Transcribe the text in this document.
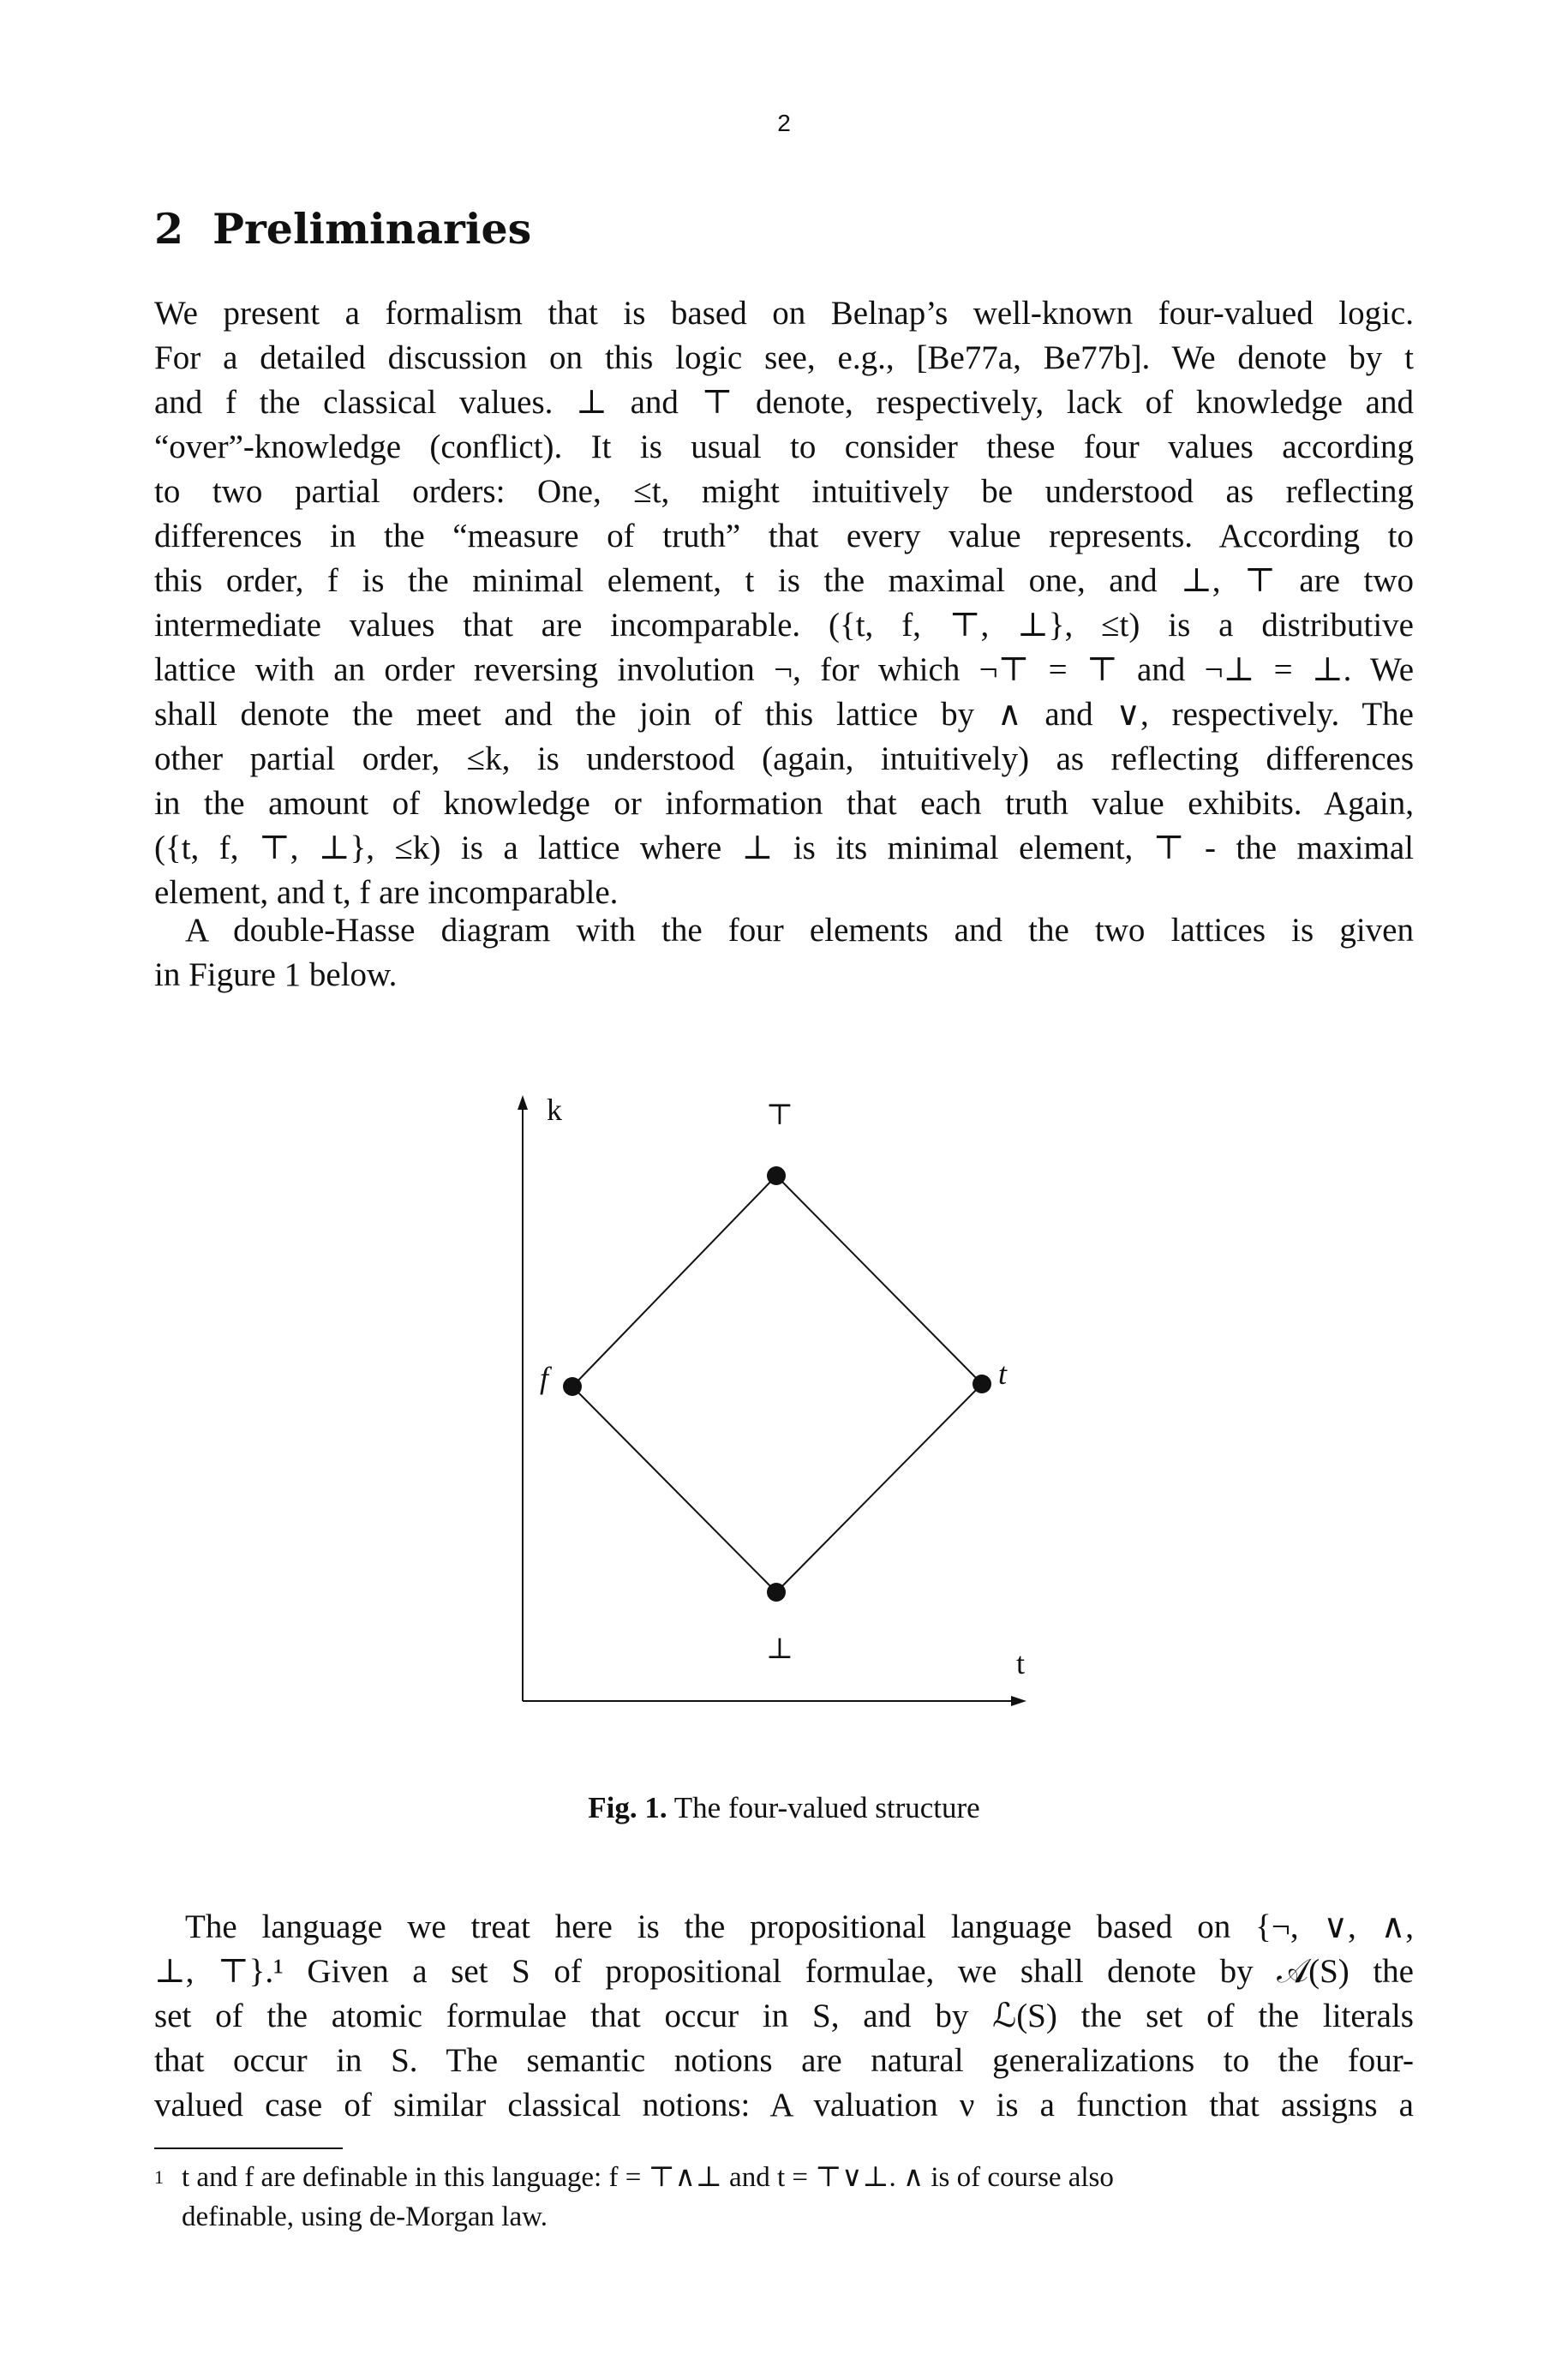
2
2 Preliminaries
We present a formalism that is based on Belnap’s well-known four-valued logic.
For a detailed discussion on this logic see, e.g., [Be77a, Be77b]. We denote by t
and f the classical values. ⊥ and ⊤ denote, respectively, lack of knowledge and
“over”-knowledge (conflict). It is usual to consider these four values according
to two partial orders: One, ≤t, might intuitively be understood as reflecting
differences in the “measure of truth” that every value represents. According to
this order, f is the minimal element, t is the maximal one, and ⊥, ⊤ are two
intermediate values that are incomparable. ({t, f, ⊤, ⊥}, ≤t) is a distributive
lattice with an order reversing involution ¬, for which ¬⊤ = ⊤ and ¬⊥ = ⊥. We
shall denote the meet and the join of this lattice by ∧ and ∨, respectively. The
other partial order, ≤k, is understood (again, intuitively) as reflecting differences
in the amount of knowledge or information that each truth value exhibits. Again,
({t, f, ⊤, ⊥}, ≤k) is a lattice where ⊥ is its minimal element, ⊤ - the maximal
element, and t, f are incomparable.
A double-Hasse diagram with the four elements and the two lattices is given
in Figure 1 below.
k
t
⊤
⊥
f	t
Fig. 1. The four-valued structure
The language we treat here is the propositional language based on {¬, ∨, ∧,
⊥, ⊤}.¹ Given a set S of propositional formulae, we shall denote by 𝒜(S) the
set of the atomic formulae that occur in S, and by ℒ(S) the set of the literals
that occur in S. The semantic notions are natural generalizations to the four-
valued case of similar classical notions: A valuation ν is a function that assigns a
1 t and f are definable in this language: f = ⊤∧⊥ and t = ⊤∨⊥. ∧ is of course also
definable, using de-Morgan law.
